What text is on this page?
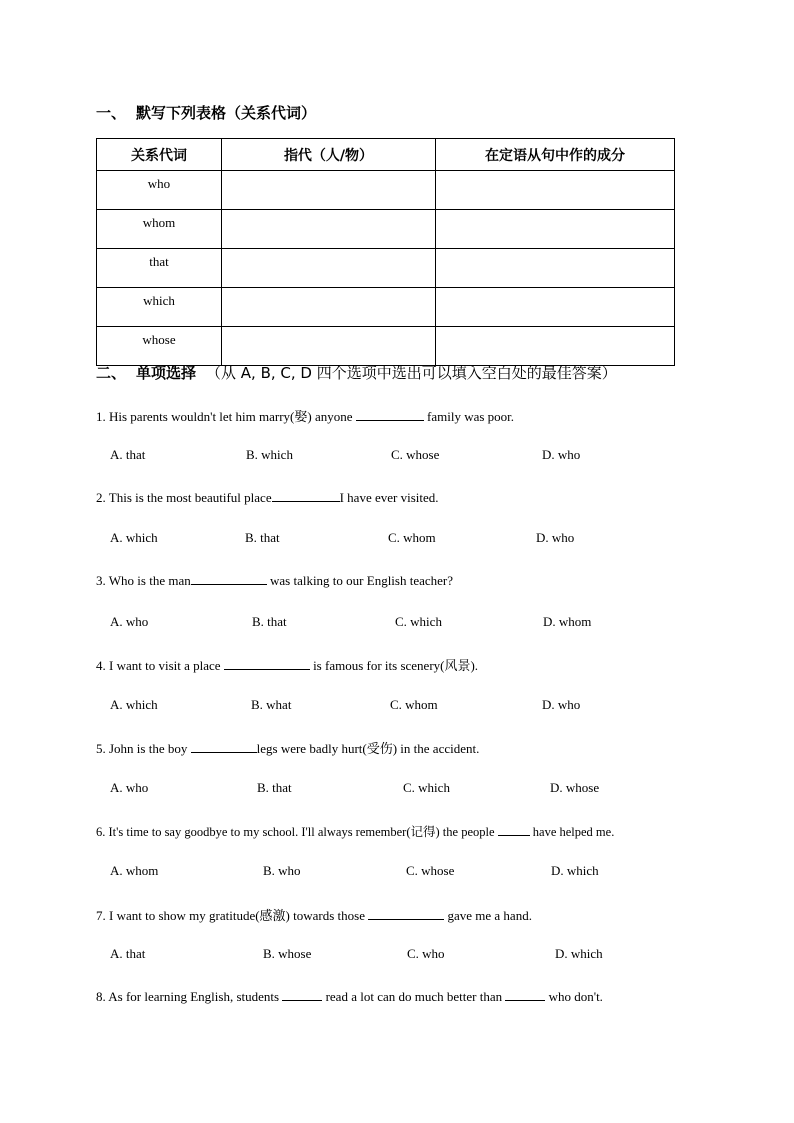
一、 默写下列表格（关系代词）
关系代词	指代（人/物）	在定语从句中作的成分
who		
whom		
that		
which		
whose		
二、 单项选择 （从 A, B, C, D 四个选项中选出可以填入空白处的最佳答案）
1. His parents wouldn't let him marry(娶) anyone	family was poor.
A. that	B. which	C. whose	D. who
2. This is the most beautiful place	I have ever visited.
A. which	B. that	C. whom	D. who
3. Who is the man	was talking to our English teacher?
A. who	B. that	C. which	D. whom
4. I want to visit a place	is famous for its scenery(风景).
A. which	B. what	C. whom	D. who
5. John is the boy	legs were badly hurt(受伤) in the accident.
A. who	B. that	C. which	D. whose
6. It's time to say goodbye to my school. I'll always remember(记得) the people	have helped me.
A. whom	B. who	C. whose	D. which
7. I want to show my gratitude(感激) towards those	gave me a hand.
A. that	B. whose	C. who	D. which
8. As for learning English, students	read a lot can do much better than	who don't.
